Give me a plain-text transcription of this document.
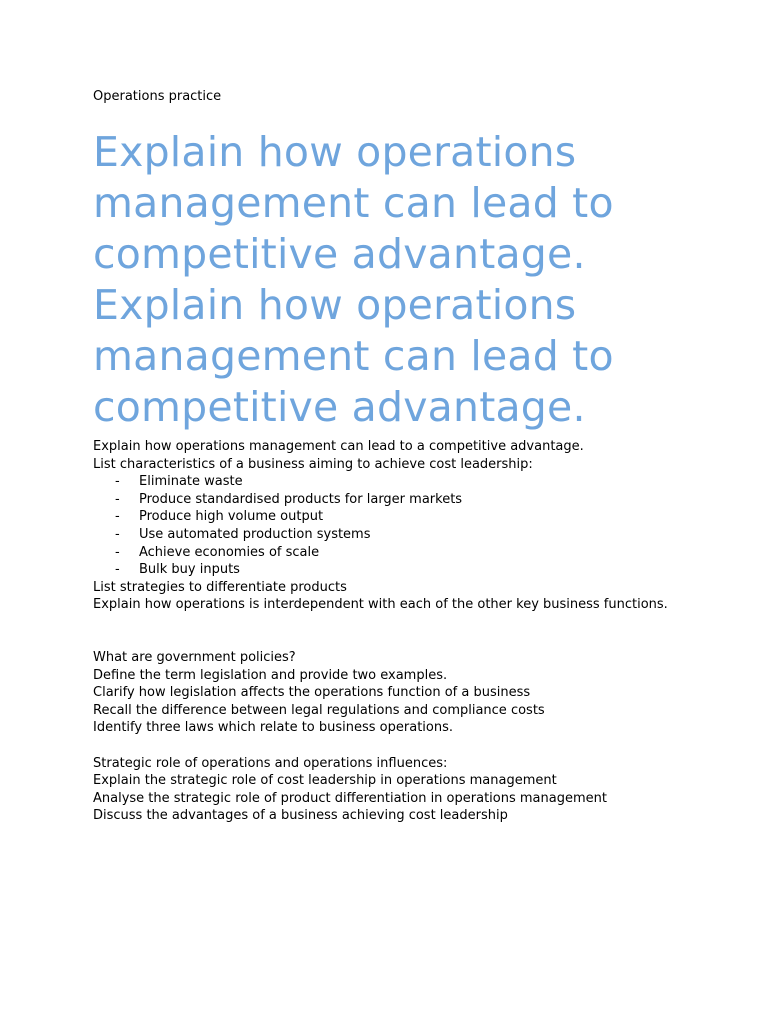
Operations practice

Explain how operations management can lead to competitive advantage.

Explain how operations management can lead to competitive advantage.

Explain how operations management can lead to a competitive advantage.

List characteristics of a business aiming to achieve cost leadership:

- Eliminate waste
- Produce standardised products for larger markets
- Produce high volume output
- Use automated production systems
- Achieve economies of scale
- Bulk buy inputs

List strategies to differentiate products

Explain how operations is interdependent with each of the other key business functions.

What are government policies?

Define the term legislation and provide two examples.

Clarify how legislation affects the operations function of a business

Recall the difference between legal regulations and compliance costs

Identify three laws which relate to business operations.

Strategic role of operations and operations influences:

Explain the strategic role of cost leadership in operations management

Analyse the strategic role of product differentiation in operations management

Discuss the advantages of a business achieving cost leadership
